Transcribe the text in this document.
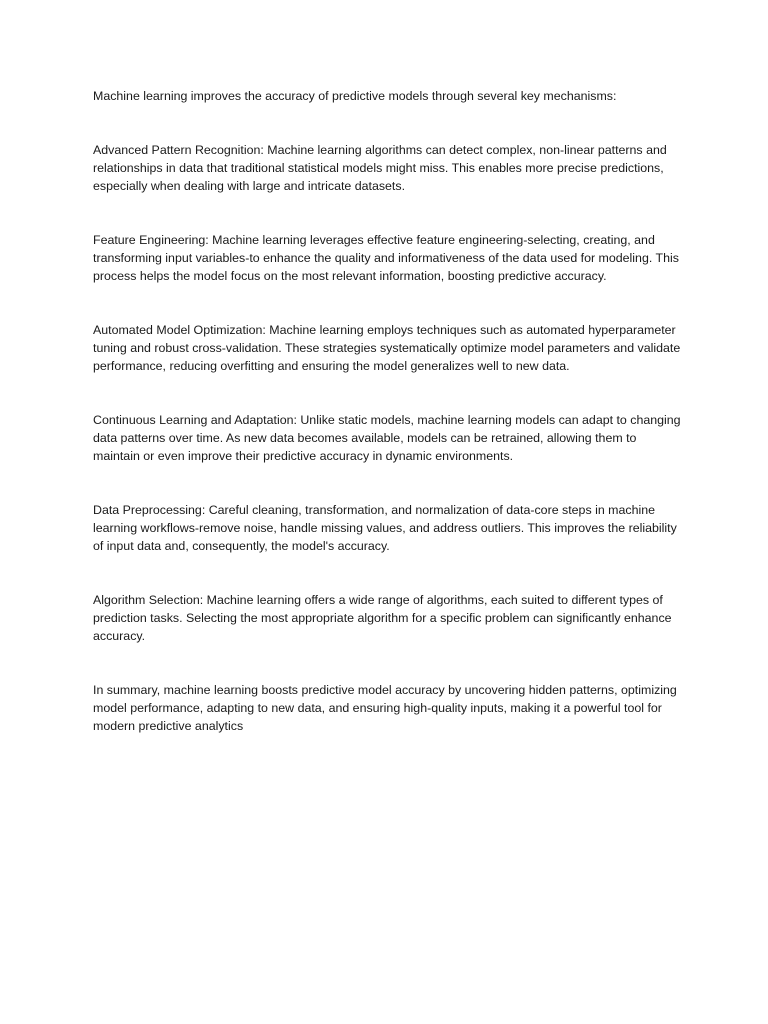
Machine learning improves the accuracy of predictive models through several key mechanisms:

Advanced Pattern Recognition: Machine learning algorithms can detect complex, non-linear patterns and relationships in data that traditional statistical models might miss. This enables more precise predictions, especially when dealing with large and intricate datasets.

Feature Engineering: Machine learning leverages effective feature engineering-selecting, creating, and transforming input variables-to enhance the quality and informativeness of the data used for modeling. This process helps the model focus on the most relevant information, boosting predictive accuracy.

Automated Model Optimization: Machine learning employs techniques such as automated hyperparameter tuning and robust cross-validation. These strategies systematically optimize model parameters and validate performance, reducing overfitting and ensuring the model generalizes well to new data.

Continuous Learning and Adaptation: Unlike static models, machine learning models can adapt to changing data patterns over time. As new data becomes available, models can be retrained, allowing them to maintain or even improve their predictive accuracy in dynamic environments.

Data Preprocessing: Careful cleaning, transformation, and normalization of data-core steps in machine learning workflows-remove noise, handle missing values, and address outliers. This improves the reliability of input data and, consequently, the model's accuracy.

Algorithm Selection: Machine learning offers a wide range of algorithms, each suited to different types of prediction tasks. Selecting the most appropriate algorithm for a specific problem can significantly enhance accuracy.

In summary, machine learning boosts predictive model accuracy by uncovering hidden patterns, optimizing model performance, adapting to new data, and ensuring high-quality inputs, making it a powerful tool for modern predictive analytics
